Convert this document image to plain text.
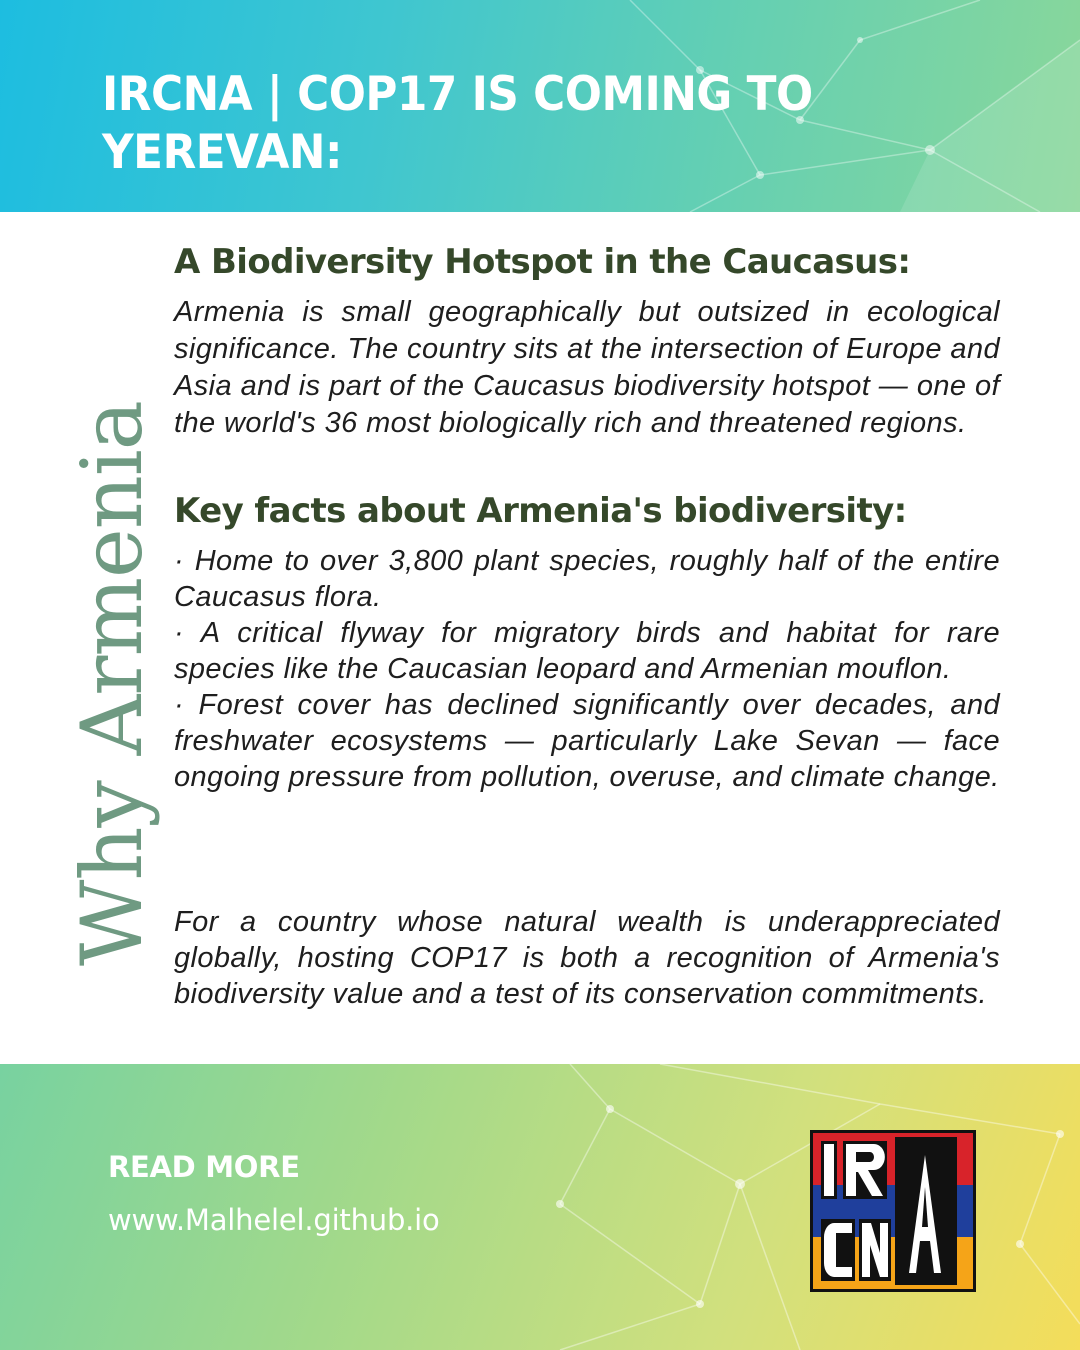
IRCNA | COP17 IS COMING TO YEREVAN:
Why Armenia
A Biodiversity Hotspot in the Caucasus:
Armenia is small geographically but outsized in ecological significance. The country sits at the intersection of Europe and Asia and is part of the Caucasus biodiversity hotspot — one of the world's 36 most biologically rich and threatened regions.
Key facts about Armenia's biodiversity:

· Home to over 3,800 plant species, roughly half of the entire Caucasus flora.

· A critical flyway for migratory birds and habitat for rare species like the Caucasian leopard and Armenian mouflon.

· Forest cover has declined significantly over decades, and freshwater ecosystems — particularly Lake Sevan — face ongoing pressure from pollution, overuse, and climate change.

For a country whose natural wealth is underappreciated globally, hosting COP17 is both a recognition of Armenia's biodiversity value and a test of its conservation commitments.
READ MORE
www.Malhelel.github.io
